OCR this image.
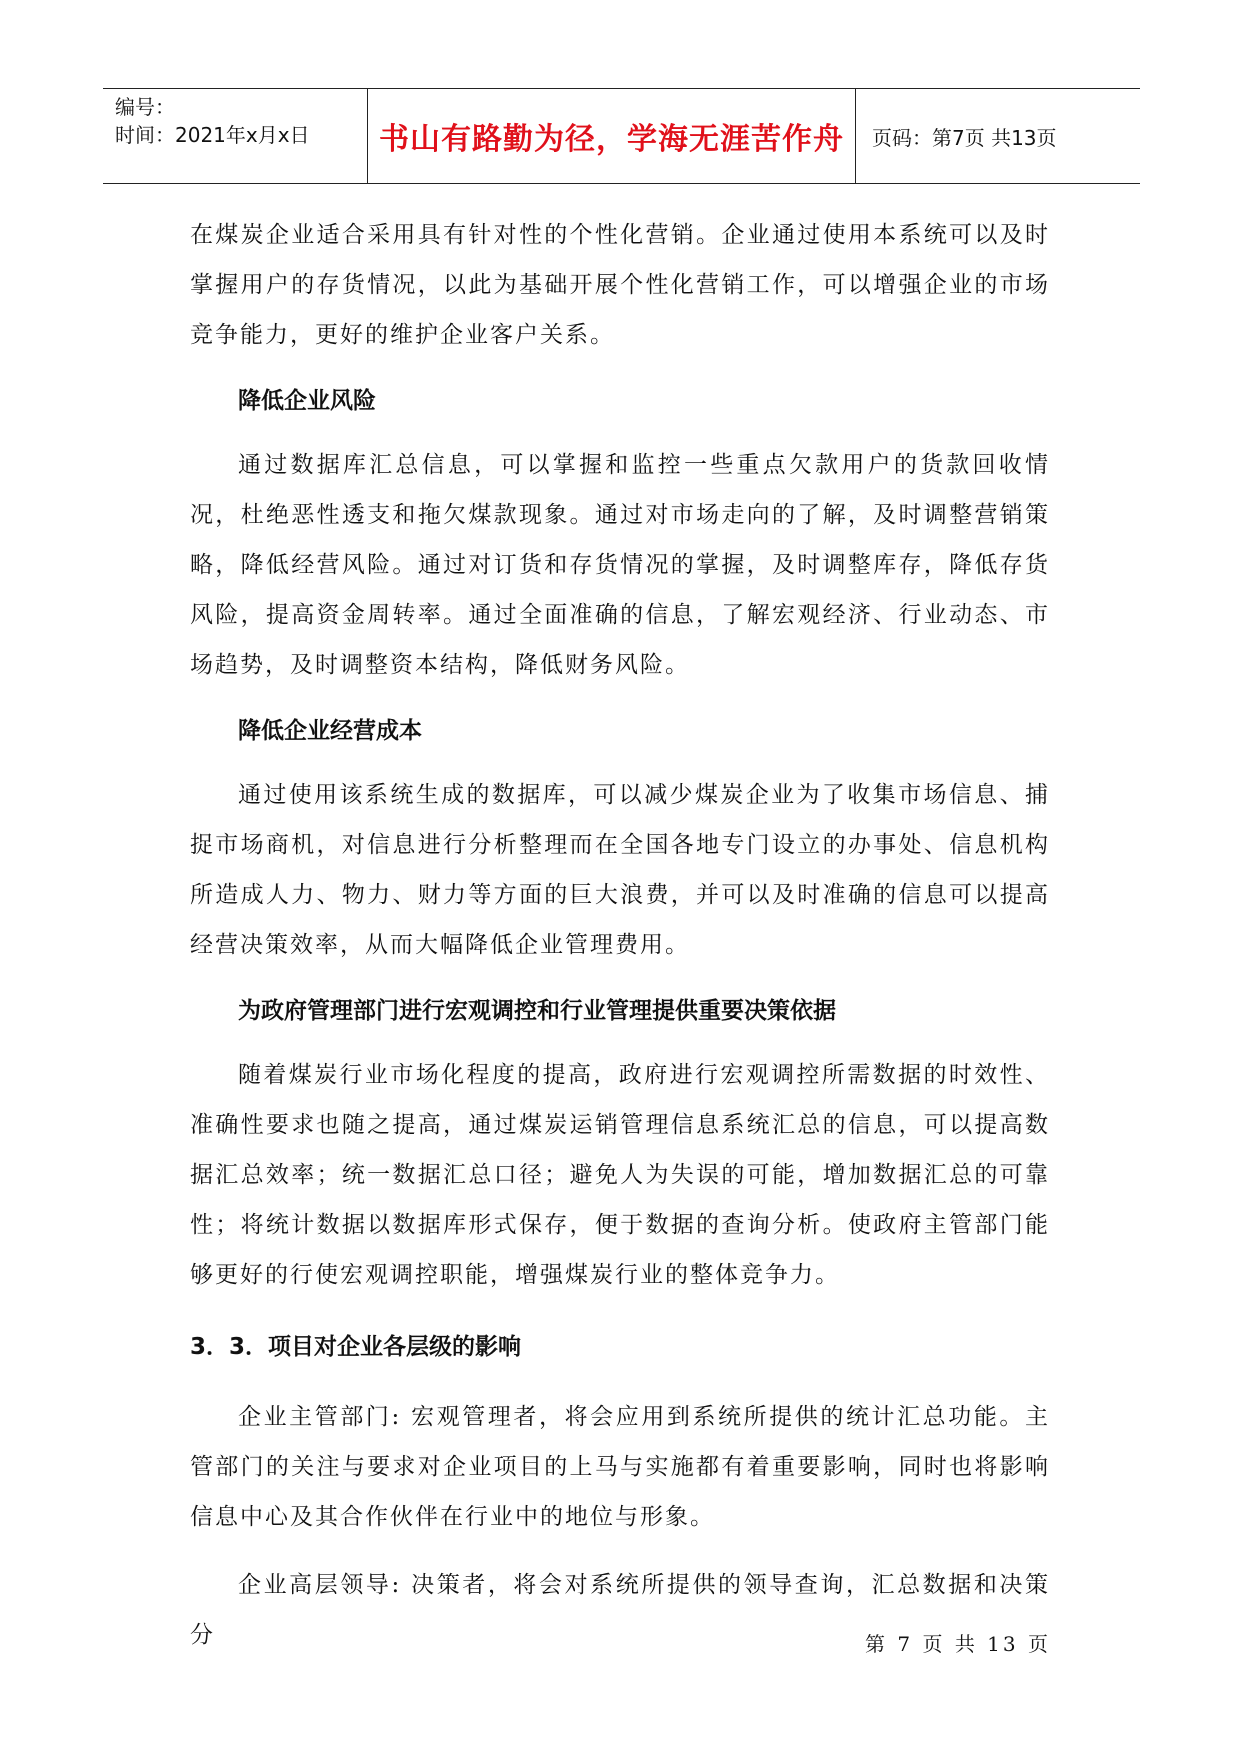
编号：
时间：2021年x月x日	书山有路勤为径，学海无涯苦作舟 页码：第7页 共13页

在煤炭企业适合采用具有针对性的个性化营销。企业通过使用本系统可以及时掌握用户的存货情况，以此为基础开展个性化营销工作，可以增强企业的市场竞争能力，更好的维护企业客户关系。

降低企业风险

通过数据库汇总信息，可以掌握和监控一些重点欠款用户的货款回收情况，杜绝恶性透支和拖欠煤款现象。通过对市场走向的了解，及时调整营销策略，降低经营风险。通过对订货和存货情况的掌握，及时调整库存，降低存货风险，提高资金周转率。通过全面准确的信息，了解宏观经济、行业动态、市场趋势，及时调整资本结构，降低财务风险。

降低企业经营成本

通过使用该系统生成的数据库，可以减少煤炭企业为了收集市场信息、捕捉市场商机，对信息进行分析整理而在全国各地专门设立的办事处、信息机构所造成人力、物力、财力等方面的巨大浪费，并可以及时准确的信息可以提高经营决策效率，从而大幅降低企业管理费用。

为政府管理部门进行宏观调控和行业管理提供重要决策依据

随着煤炭行业市场化程度的提高，政府进行宏观调控所需数据的时效性、准确性要求也随之提高，通过煤炭运销管理信息系统汇总的信息，可以提高数据汇总效率；统一数据汇总口径；避免人为失误的可能，增加数据汇总的可靠性；将统计数据以数据库形式保存，便于数据的查询分析。使政府主管部门能够更好的行使宏观调控职能，增强煤炭行业的整体竞争力。

3．3．项目对企业各层级的影响

企业主管部门: 宏观管理者，将会应用到系统所提供的统计汇总功能。主管部门的关注与要求对企业项目的上马与实施都有着重要影响，同时也将影响信息中心及其合作伙伴在行业中的地位与形象。

企业高层领导: 决策者，将会对系统所提供的领导查询，汇总数据和决策分	第 7 页 共 13 页
